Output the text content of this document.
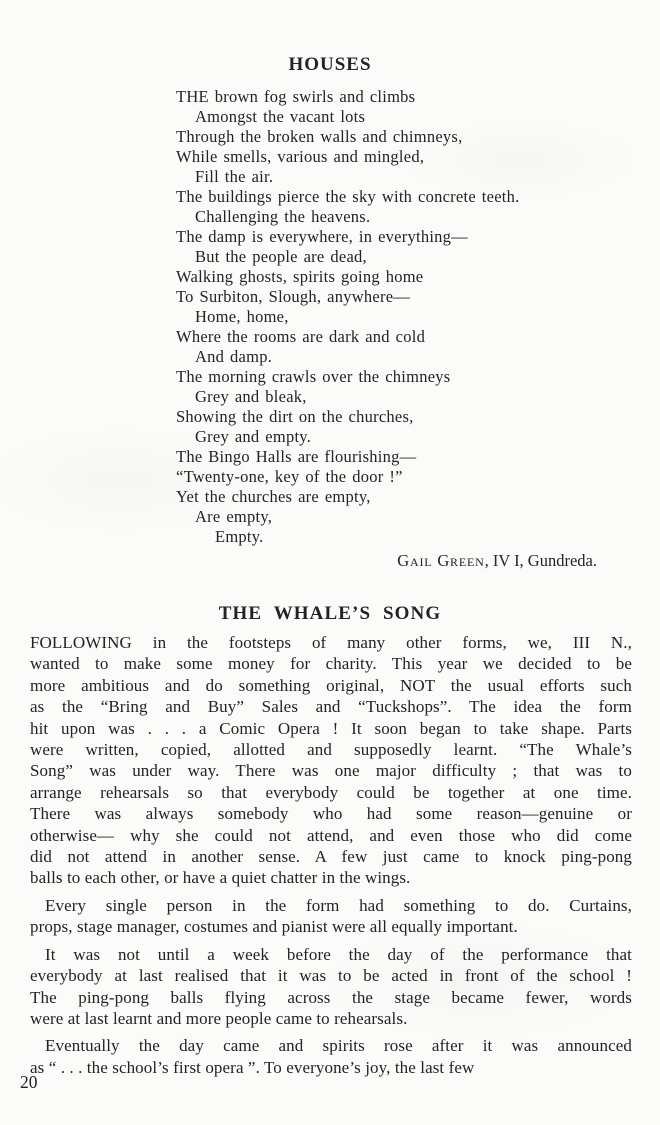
HOUSES
THE brown fog swirls and climbs
Amongst the vacant lots
Through the broken walls and chimneys,
While smells, various and mingled,
Fill the air.
The buildings pierce the sky with concrete teeth.
Challenging the heavens.
The damp is everywhere, in everything—
But the people are dead,
Walking ghosts, spirits going home
To Surbiton, Slough, anywhere—
Home, home,
Where the rooms are dark and cold
And damp.
The morning crawls over the chimneys
Grey and bleak,
Showing the dirt on the churches,
Grey and empty.
The Bingo Halls are flourishing—
“Twenty-one, key of the door !”
Yet the churches are empty,
Are empty,
Empty.
Gail Green, IV I, Gundreda.
THE WHALE’S SONG
FOLLOWING in the footsteps of many other forms, we, III N.,
wanted to make some money for charity. This year we decided to be
more ambitious and do something original, NOT the usual efforts such
as the “Bring and Buy” Sales and “Tuckshops”. The idea the form
hit upon was . . . a Comic Opera ! It soon began to take shape. Parts
were written, copied, allotted and supposedly learnt. “The Whale’s
Song” was under way. There was one major difficulty ; that was to
arrange rehearsals so that everybody could be together at one time.
There was always somebody who had some reason—genuine or
otherwise— why she could not attend, and even those who did come
did not attend in another sense. A few just came to knock ping-pong
balls to each other, or have a quiet chatter in the wings.
Every single person in the form had something to do. Curtains,
props, stage manager, costumes and pianist were all equally important.
It was not until a week before the day of the performance that
everybody at last realised that it was to be acted in front of the school !
The ping-pong balls flying across the stage became fewer, words
were at last learnt and more people came to rehearsals.
Eventually the day came and spirits rose after it was announced
as “ . . . the school’s first opera ”. To everyone’s joy, the last few
20
